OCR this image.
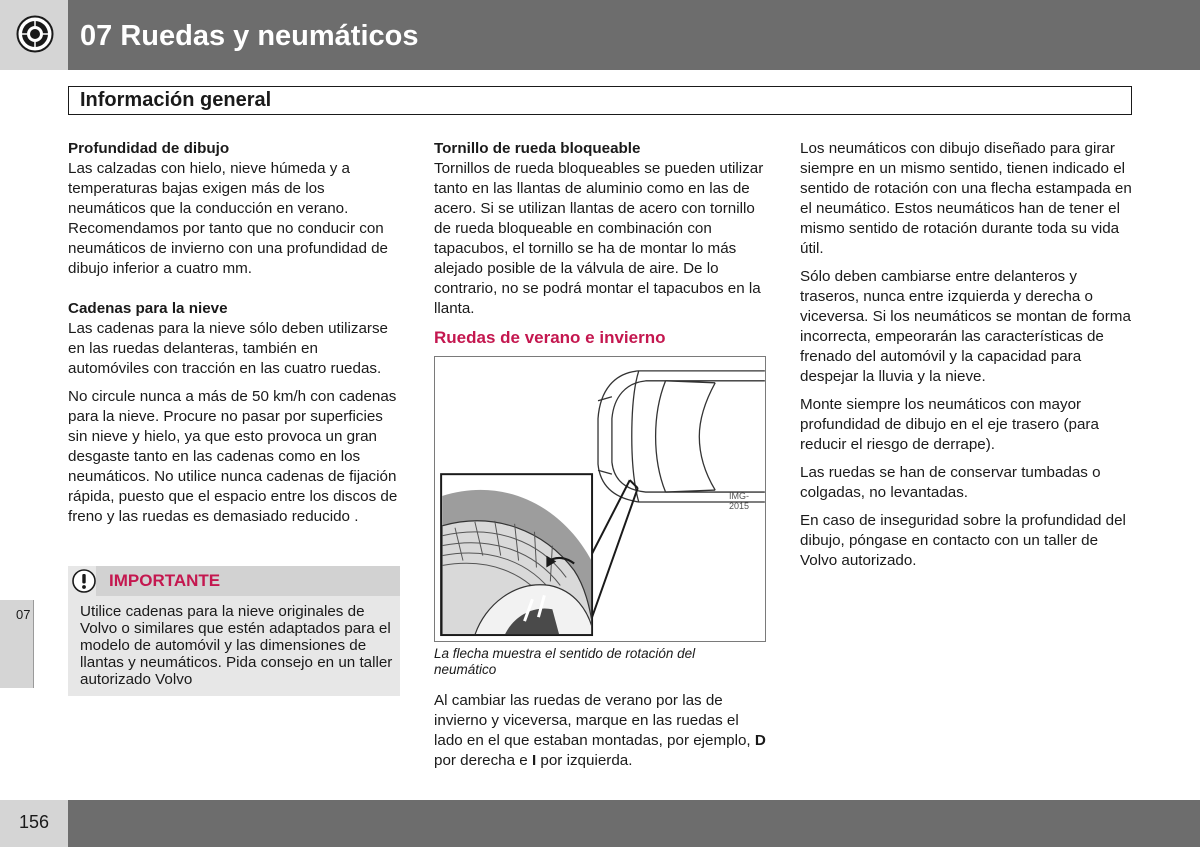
07 Ruedas y neumáticos
Información general
Profundidad de dibujo

Las calzadas con hielo, nieve húmeda y a temperaturas bajas exigen más de los neumáticos que la conducción en verano. Recomendamos por tanto que no conducir con neumáticos de invierno con una profundidad de dibujo inferior a cuatro mm.

Cadenas para la nieve

Las cadenas para la nieve sólo deben utilizarse en las ruedas delanteras, también en automóviles con tracción en las cuatro ruedas.

No circule nunca a más de 50 km/h con cadenas para la nieve. Procure no pasar por superficies sin nieve y hielo, ya que esto provoca un gran desgaste tanto en las cadenas como en los neumáticos. No utilice nunca cadenas de fijación rápida, puesto que el espacio entre los discos de freno y las ruedas es demasiado reducido .

IMPORTANTE
Utilice cadenas para la nieve originales de Volvo o similares que estén adaptados para el modelo de automóvil y las dimensiones de llantas y neumáticos. Pida consejo en un taller autorizado Volvo
07
Tornillo de rueda bloqueable

Tornillos de rueda bloqueables se pueden utilizar tanto en las llantas de aluminio como en las de acero. Si se utilizan llantas de acero con tornillo de rueda bloqueable en combinación con tapacubos, el tornillo se ha de montar lo más alejado posible de la válvula de aire. De lo contrario, no se podrá montar el tapacubos en la llanta.

Ruedas de verano e invierno
IMG-2015
La flecha muestra el sentido de rotación del neumático
Al cambiar las ruedas de verano por las de invierno y viceversa, marque en las ruedas el lado en el que estaban montadas, por ejemplo, D por derecha e I por izquierda.

Los neumáticos con dibujo diseñado para girar siempre en un mismo sentido, tienen indicado el sentido de rotación con una flecha estampada en el neumático. Estos neumáticos han de tener el mismo sentido de rotación durante toda su vida útil.

Sólo deben cambiarse entre delanteros y traseros, nunca entre izquierda y derecha o viceversa. Si los neumáticos se montan de forma incorrecta, empeorarán las características de frenado del automóvil y la capacidad para despejar la lluvia y la nieve.

Monte siempre los neumáticos con mayor profundidad de dibujo en el eje trasero (para reducir el riesgo de derrape).

Las ruedas se han de conservar tumbadas o colgadas, no levantadas.

En caso de inseguridad sobre la profundidad del dibujo, póngase en contacto con un taller de Volvo autorizado.

156
